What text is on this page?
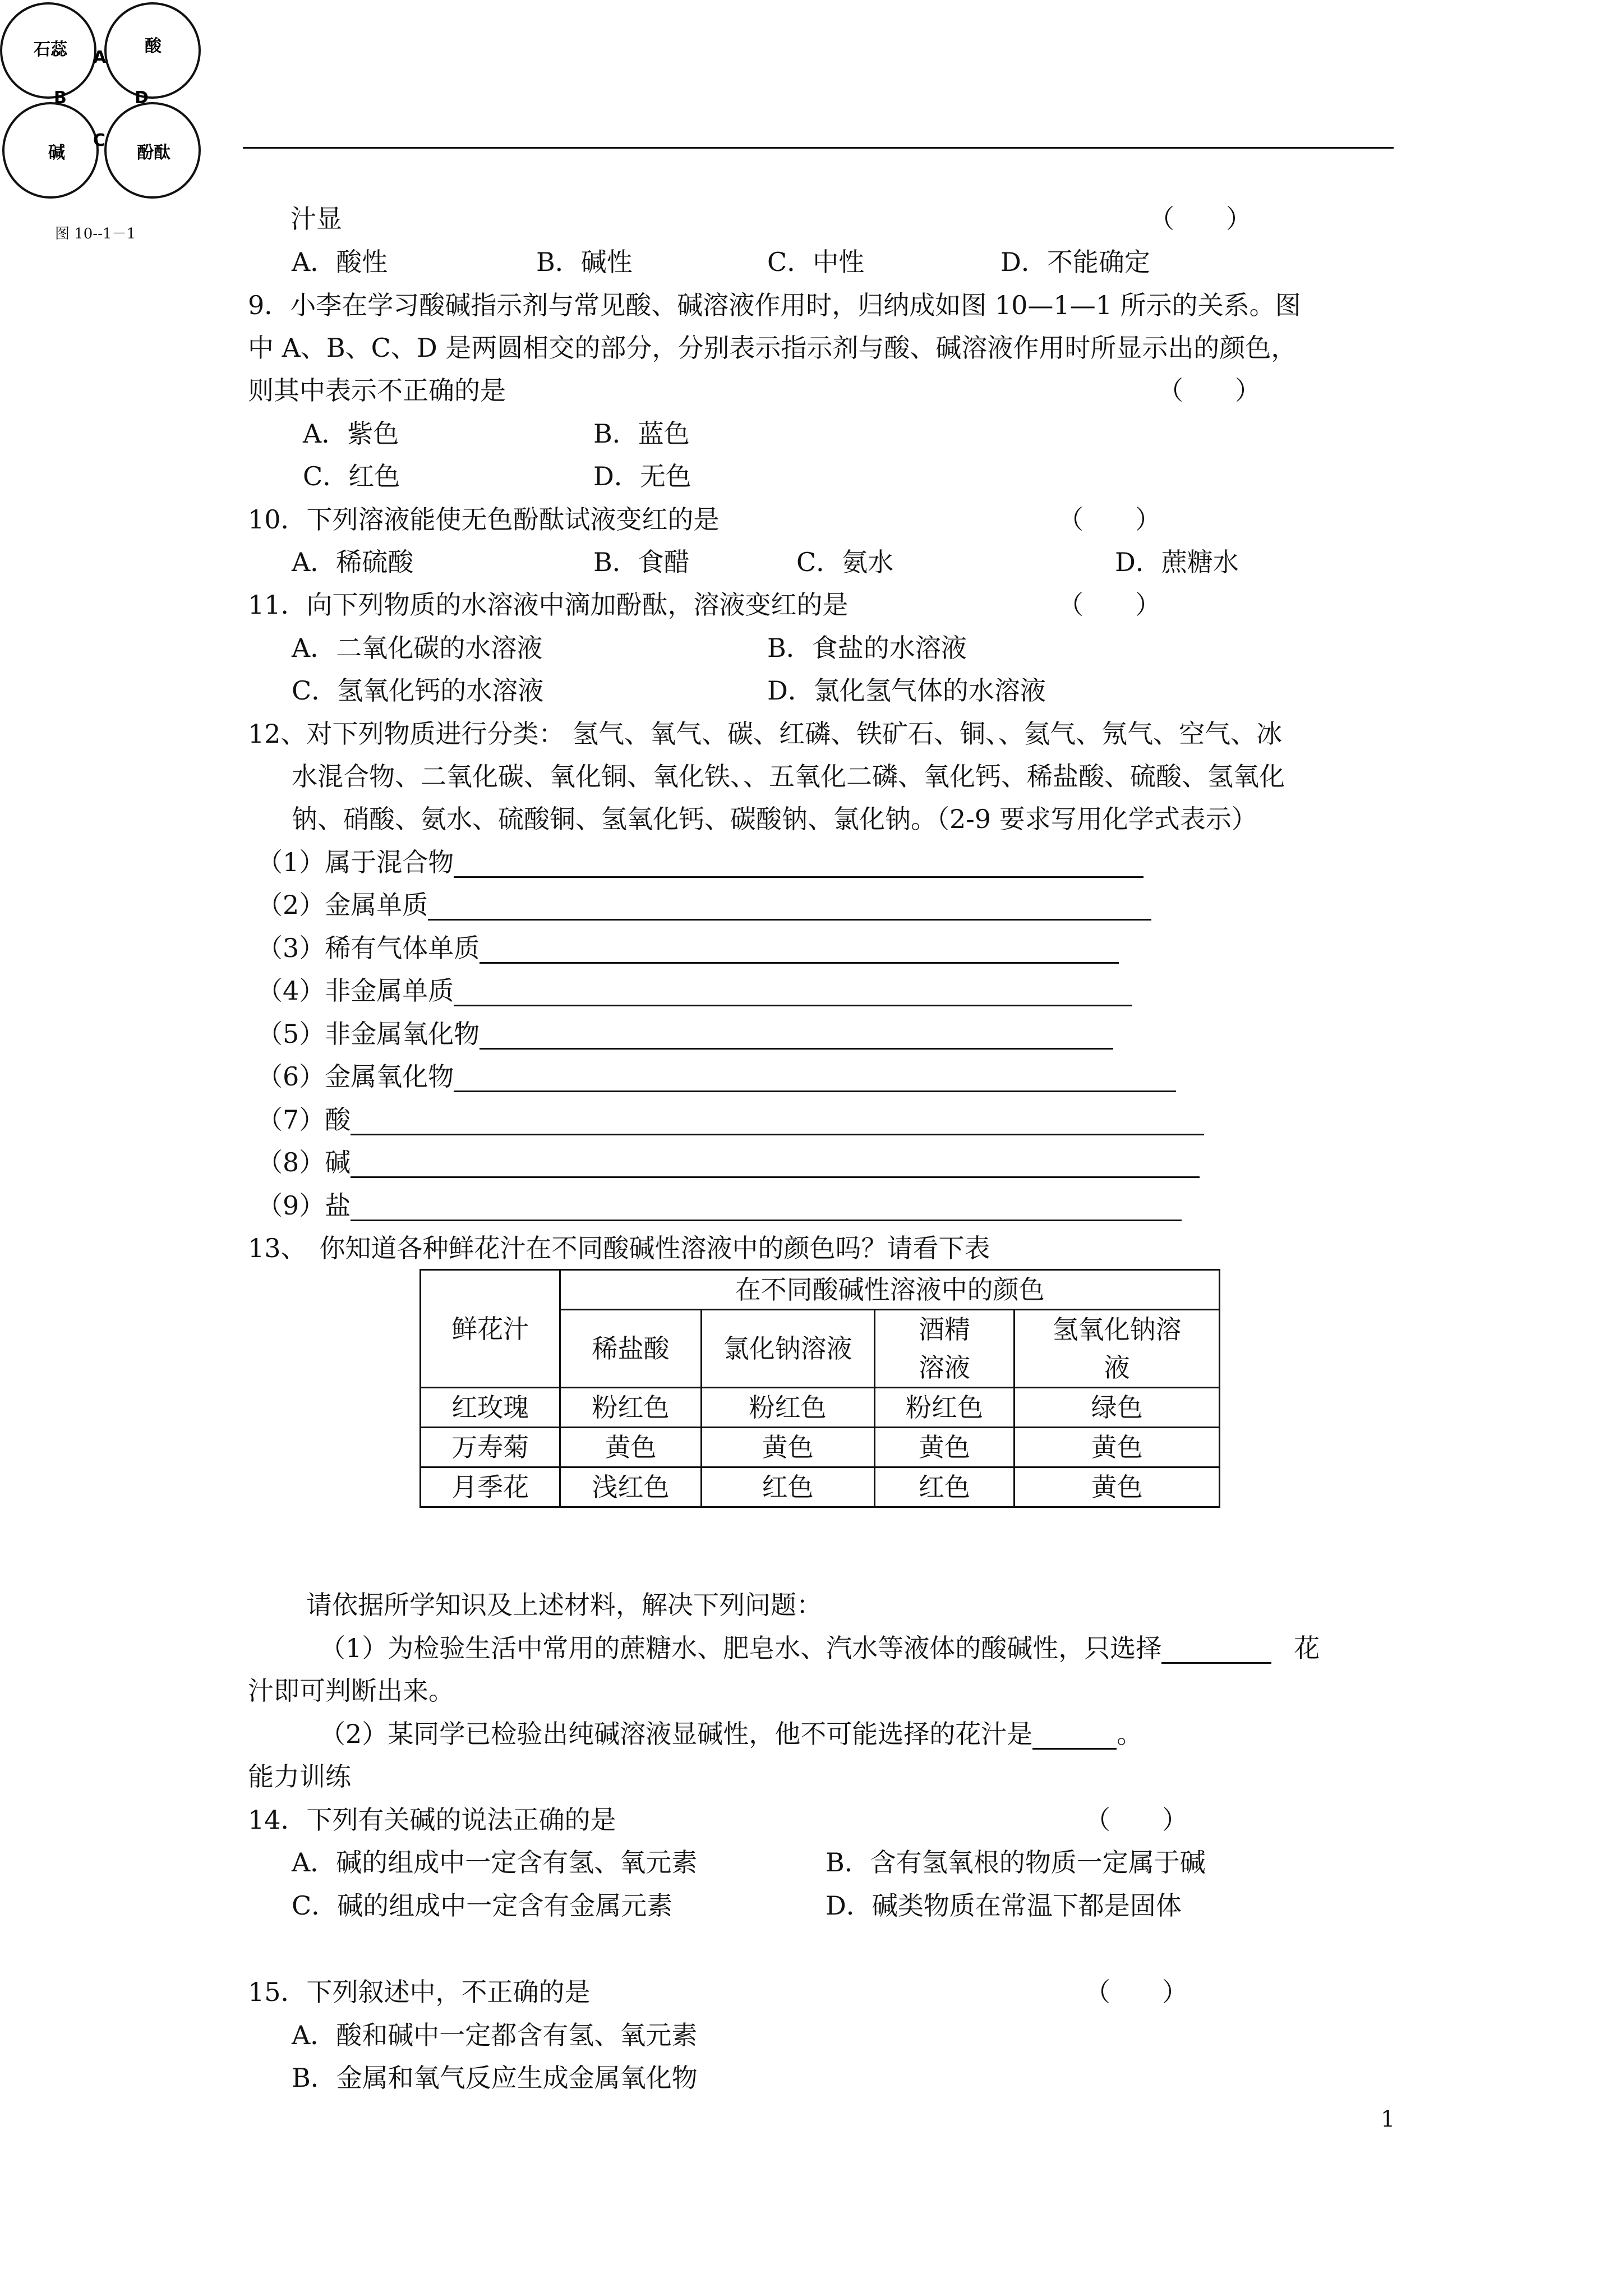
石蕊	酸
碱	酚酞
A
B
C
D
图 10--1－1	汁显	（　　）
A．酸性	B．碱性	C．中性	D．不能确定
9．小李在学习酸碱指示剂与常见酸、碱溶液作用时，归纳成如图 10—1—1 所示的关系。图
中 A、B、C、D 是两圆相交的部分，分别表示指示剂与酸、碱溶液作用时所显示出的颜色，
则其中表示不正确的是	（　　）
A．紫色	B．蓝色
C．红色	D．无色
10．下列溶液能使无色酚酞试液变红的是	（　　）
A．稀硫酸	B．食醋	C．氨水	D．蔗糖水
11．向下列物质的水溶液中滴加酚酞，溶液变红的是	（　　）
A．二氧化碳的水溶液	B．食盐的水溶液
C．氢氧化钙的水溶液	D．氯化氢气体的水溶液
12、对下列物质进行分类： 氢气、氧气、碳、红磷、铁矿石、铜、、氦气、氖气、空气、冰
水混合物、二氧化碳、氧化铜、氧化铁、、五氧化二磷、氧化钙、稀盐酸、硫酸、氢氧化
钠、硝酸、氨水、硫酸铜、氢氧化钙、碳酸钠、氯化钠。（2-9 要求写用化学式表示）
（1）属于混合物
（2）金属单质
（3）稀有气体单质
（4）非金属单质
（5）非金属氧化物
（6）金属氧化物
（7）酸
（8）碱
（9）盐
13、　你知道各种鲜花汁在不同酸碱性溶液中的颜色吗？请看下表
鲜花汁	在不同酸碱性溶液中的颜色			
	稀盐酸	氯化钠溶液	酒精溶液	氢氧化钠溶液

红玫瑰	粉红色	粉红色	粉红色	绿色
万寿菊	黄色	黄色	黄色	黄色
月季花	浅红色	红色	红色	黄色
请依据所学知识及上述材料，解决下列问题：
（1）为检验生活中常用的蔗糖水、肥皂水、汽水等液体的酸碱性，只选择	花
汁即可判断出来。
（2）某同学已检验出纯碱溶液显碱性，他不可能选择的花汁是	。
能力训练
14．下列有关碱的说法正确的是	（　　）
A．碱的组成中一定含有氢、氧元素	B．含有氢氧根的物质一定属于碱
C．碱的组成中一定含有金属元素	D．碱类物质在常温下都是固体
15．下列叙述中，不正确的是	（　　）
A．酸和碱中一定都含有氢、氧元素
B．金属和氧气反应生成金属氧化物
1
